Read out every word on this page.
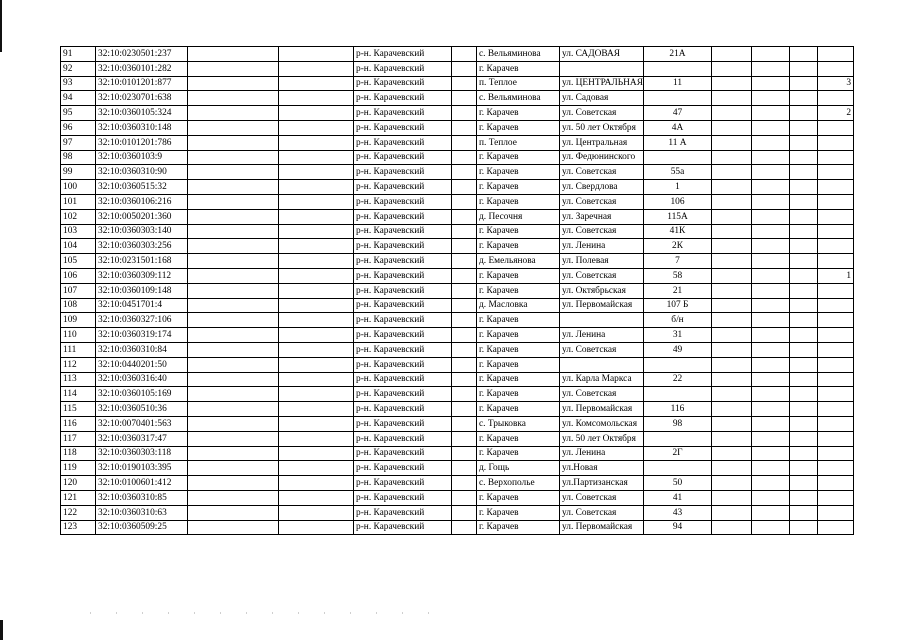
91	32:10:0230501:237			р-н. Карачевский		с. Вельяминова	ул. САДОВАЯ	21А				
92	32:10:0360101:282			р-н. Карачевский		г. Карачев						
93	32:10:0101201:877			р-н. Карачевский		п. Теплое	ул. ЦЕНТРАЛЬНАЯ	11				3
94	32:10:0230701:638			р-н. Карачевский		с. Вельяминова	ул. Садовая					
95	32:10:0360105:324			р-н. Карачевский		г. Карачев	ул. Советская	47				2
96	32:10:0360310:148			р-н. Карачевский		г. Карачев	ул. 50 лет Октября	4А				
97	32:10:0101201:786			р-н. Карачевский		п. Теплое	ул. Центральная	11 А				
98	32:10:0360103:9			р-н. Карачевский		г. Карачев	ул. Федюнинского					
99	32:10:0360310:90			р-н. Карачевский		г. Карачев	ул. Советская	55а				
100	32:10:0360515:32			р-н. Карачевский		г. Карачев	ул. Свердлова	1				
101	32:10:0360106:216			р-н. Карачевский		г. Карачев	ул. Советская	106				
102	32:10:0050201:360			р-н. Карачевский		д. Песочня	ул. Заречная	115А				
103	32:10:0360303:140			р-н. Карачевский		г. Карачев	ул. Советская	41К				
104	32:10:0360303:256			р-н. Карачевский		г. Карачев	ул. Ленина	2К				
105	32:10:0231501:168			р-н. Карачевский		д. Емельянова	ул. Полевая	7				
106	32:10:0360309:112			р-н. Карачевский		г. Карачев	ул. Советская	58				1
107	32:10:0360109:148			р-н. Карачевский		г. Карачев	ул. Октябрьская	21				
108	32:10:0451701:4			р-н. Карачевский		д. Масловка	ул. Первомайская	107 Б				
109	32:10:0360327:106			р-н. Карачевский		г. Карачев		б/н				
110	32:10:0360319:174			р-н. Карачевский		г. Карачев	ул. Ленина	31				
111	32:10:0360310:84			р-н. Карачевский		г. Карачев	ул. Советская	49				
112	32:10:0440201:50			р-н. Карачевский		г. Карачев						
113	32:10:0360316:40			р-н. Карачевский		г. Карачев	ул. Карла Маркса	22				
114	32:10:0360105:169			р-н. Карачевский		г. Карачев	ул. Советская					
115	32:10:0360510:36			р-н. Карачевский		г. Карачев	ул. Первомайская	116				
116	32:10:0070401:563			р-н. Карачевский		с. Трыковка	ул. Комсомольская	98				
117	32:10:0360317:47			р-н. Карачевский		г. Карачев	ул. 50 лет Октября					
118	32:10:0360303:118			р-н. Карачевский		г. Карачев	ул. Ленина	2Г				
119	32:10:0190103:395			р-н. Карачевский		д. Гощь	ул.Новая					
120	32:10:0100601:412			р-н. Карачевский		с. Верхополье	ул.Партизанская	50				
121	32:10:0360310:85			р-н. Карачевский		г. Карачев	ул. Советская	41				
122	32:10:0360310:63			р-н. Карачевский		г. Карачев	ул. Советская	43				
123	32:10:0360509:25			р-н. Карачевский		г. Карачев	ул. Первомайская	94				
